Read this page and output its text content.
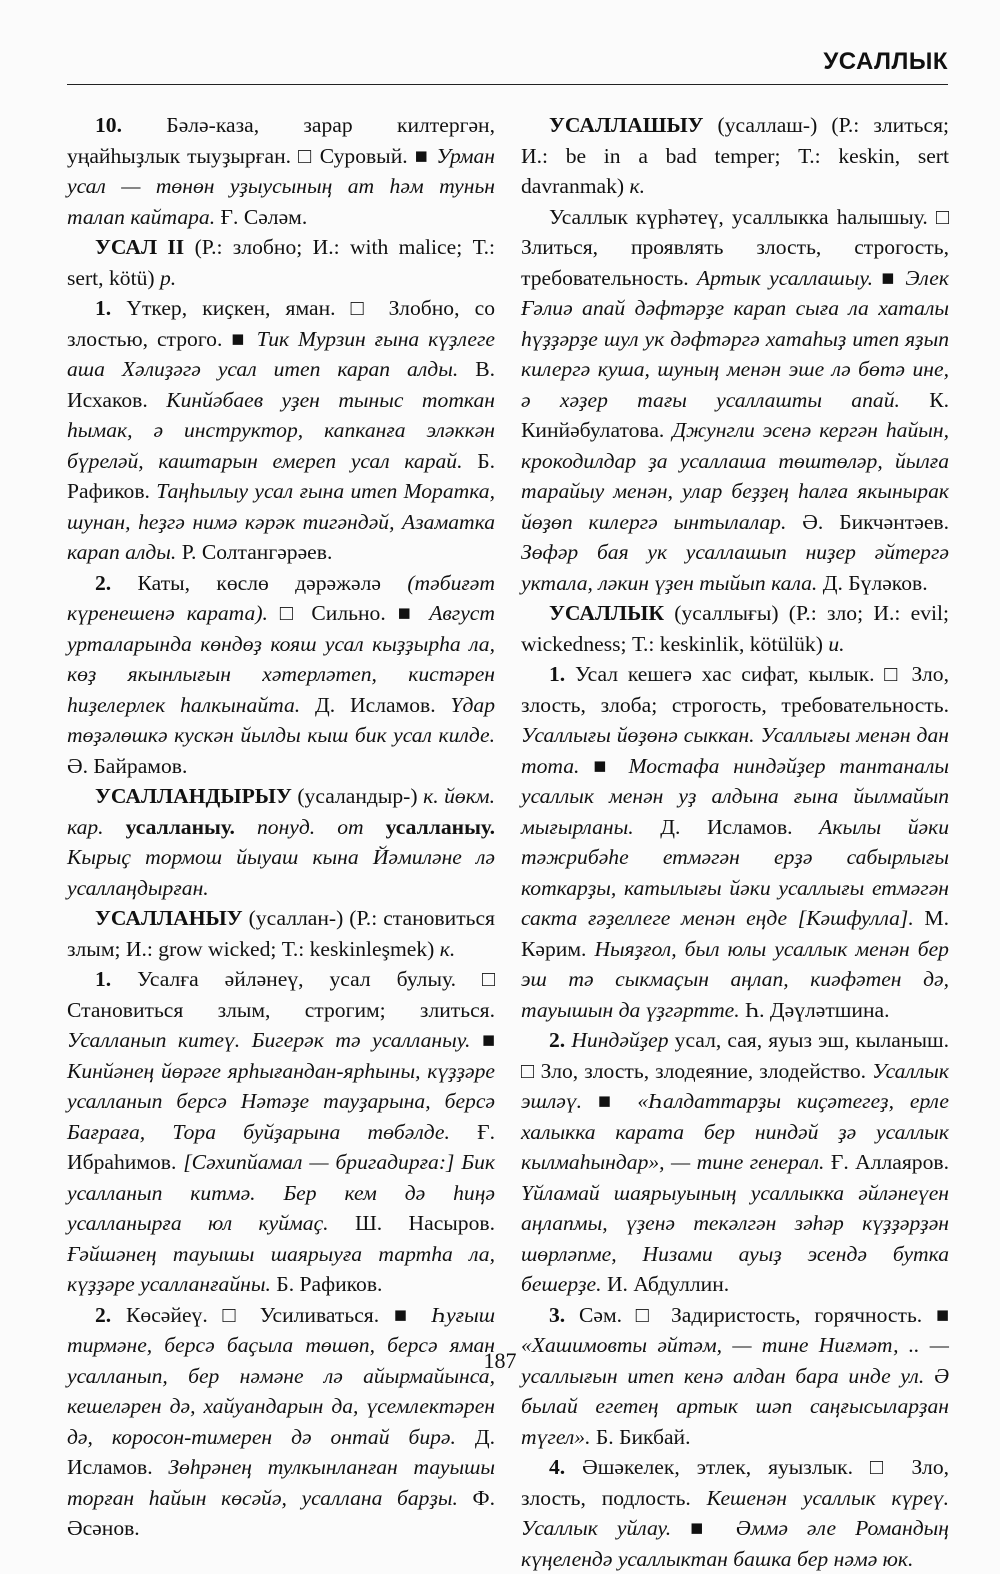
УСАЛЛЫК

10. Бәлә-каза, зарар килтергән, уңайһыҙлык тыуҙырған. □ Суровый. ■ Урман усал — төнөн уҙыусының ат һәм туньн талап кайтара. Ғ. Сәләм.

УСАЛ II (Р.: злобно; И.: with malice; Т.: sert, kötü) р.

1. Үткер, киҫкен, яман. □ Злобно, со злостью, строго. ■ Тик Мурзин ғына күҙлеге аша Хәлиҙәгә усал итеп карап алды. В. Исхаков. Кинйәбаев уҙен тыныс тоткан һымак, ә инструктор, капканға эләккән бүреләй, каштарын емереп усал карай. Б. Рафиков. Таңһылыу усал ғына итеп Моратка, шунан, һеҙгә нимә кәрәк тигәндәй, Азаматка карап алды. Р. Солтангәрәев.

2. Каты, көслө дәрәжәлә (тәбиғәт күренешенә карата). □ Сильно. ■ Август урталарында көндөҙ кояш усал кыҙҙырһа ла, көҙ якынлығын хәтерләтеп, кистәрен һиҙелерлек һалкынайта. Д. Исламов. Үдар төҙәлөшкә кускән йылды кыш бик усал килде. Ә. Байрамов.

УСАЛЛАНДЫРЫУ (усаландыр-) к. йөкм. кар. усалланыу. понуд. от усалланыу. Кырыҫ тормош йыуаш кына Йәмиләне лә усаллаңдырған.

УСАЛЛАНЫУ (усаллан-) (Р.: становиться злым; И.: grow wicked; Т.: keskinleşmek) к.

1. Усалға әйләнеү, усал булыу. □ Становиться злым, строгим; злиться. Усалланып китеү. Бигерәк тә усалланыу. ■ Кинйәнең йөрәге ярһығандан-ярһыны, күҙҙәре усалланып берсә Нәтәҙе тауҙарына, берсә Бағраға, Тора буйҙарына төбәлде. Ғ. Ибраһимов. [Сәхипйамал — бригадирға:] Бик усалланып китмә. Бер кем дә һиңә усалланырға юл куймаҫ. Ш. Насыров. Ғәйшәнең тауышы шаярыуға тартһа ла, күҙҙәре усалланғайны. Б. Рафиков.

2. Көсәйеү. □ Усиливаться. ■ Һуғыш тирмәне, берсә баҫыла төшөп, берсә яман усалланып, бер нәмәне лә айырмайынса, кешеләрен дә, хайуандарын да, үсемлектәрен дә, коросон-тимерен дә онтай бирә. Д. Исламов. Зөһрәнең тулкынланған тауышы торған һайын көсәйә, усаллана барҙы. Ф. Әсәнов.

УСАЛЛАШЫУ (усаллаш-) (Р.: злиться; И.: be in a bad temper; Т.: keskin, sert davranmak) к.

Усаллык күрһәтеү, усаллыкка һалышыу. □ Злиться, проявлять злость, строгость, требовательность. Артык усаллашыу. ■ Элек Ғәлиә апай дәфтәрҙе карап сыға ла хаталы һүҙҙәрҙе шул ук дәфтәргә хатаһыҙ итеп яҙып килергә куша, шуның менән эше лә бөтә ине, ә хәҙер тағы усаллашты апай. К. Кинйәбулатова. Джунгли эсенә кергән һайын, крокодилдар ҙа усаллаша төштөләр, йылға тарайыу менән, улар беҙҙең һалға якынырак йөҙөп килергә ынтылалар. Ә. Бикчәнтәев. Зөфәр бая ук усаллашып ниҙер әйтергә уктала, ләкин үҙен тыйып кала. Д. Бүләков.

УСАЛЛЫК (усаллығы) (Р.: зло; И.: evil; wickedness; Т.: keskinlik, kötülük) и.

1. Усал кешегә хас сифат, кылык. □ Зло, злость, злоба; строгость, требовательность. Усаллығы йөҙөнә сыккан. Усаллығы менән дан тота. ■ Мостафа ниндәйҙер тантаналы усаллык менән уҙ алдына ғына йылмайып мығырланы. Д. Исламов. Акылы йәки тәжрибәһе етмәгән ерҙә сабырлығы коткарҙы, катылығы йәки усаллығы етмәгән сакта ғәҙеллеге менән еңде [Кәшфулла]. М. Кәрим. Ныяҙғол, был юлы усаллык менән бер эш тә сыкмаҫын аңлап, киәфәтен дә, тауышын да үҙгәртте. Һ. Дәүләтшина.

2. Ниндәйҙер усал, сая, яуыз эш, кыланыш. □ Зло, злость, злодеяние, злодейство. Усаллык эшләү. ■ «Һалдаттарҙы киҫәтегеҙ, ерле халыкка карата бер ниндәй ҙә усаллык кылмаһындар», — тине генерал. Ғ. Аллаяров. Үйламай шаярыуының усаллыкка әйләнеүен аңлапмы, үҙенә текәлгән зәһәр күҙҙәрҙән шөрләпме, Низами ауыҙ эсендә бутка бешерҙе. И. Абдуллин.

3. Сәм. □ Задиристость, горячность. ■ «Хашимовты әйтәм, — тине Ниғмәт, .. — усаллығын итеп кенә алдан бара инде ул. Ә былай егетең артык шәп саңғысыларҙан түгел». Б. Бикбай.

4. Әшәкелек, этлек, яуызлык. □ Зло, злость, подлость. Кешенән усаллык күреү. Усаллык уйлау. ■ Әммә әле Романдың күңелендә усаллыктан башка бер нәмә юк.

187
